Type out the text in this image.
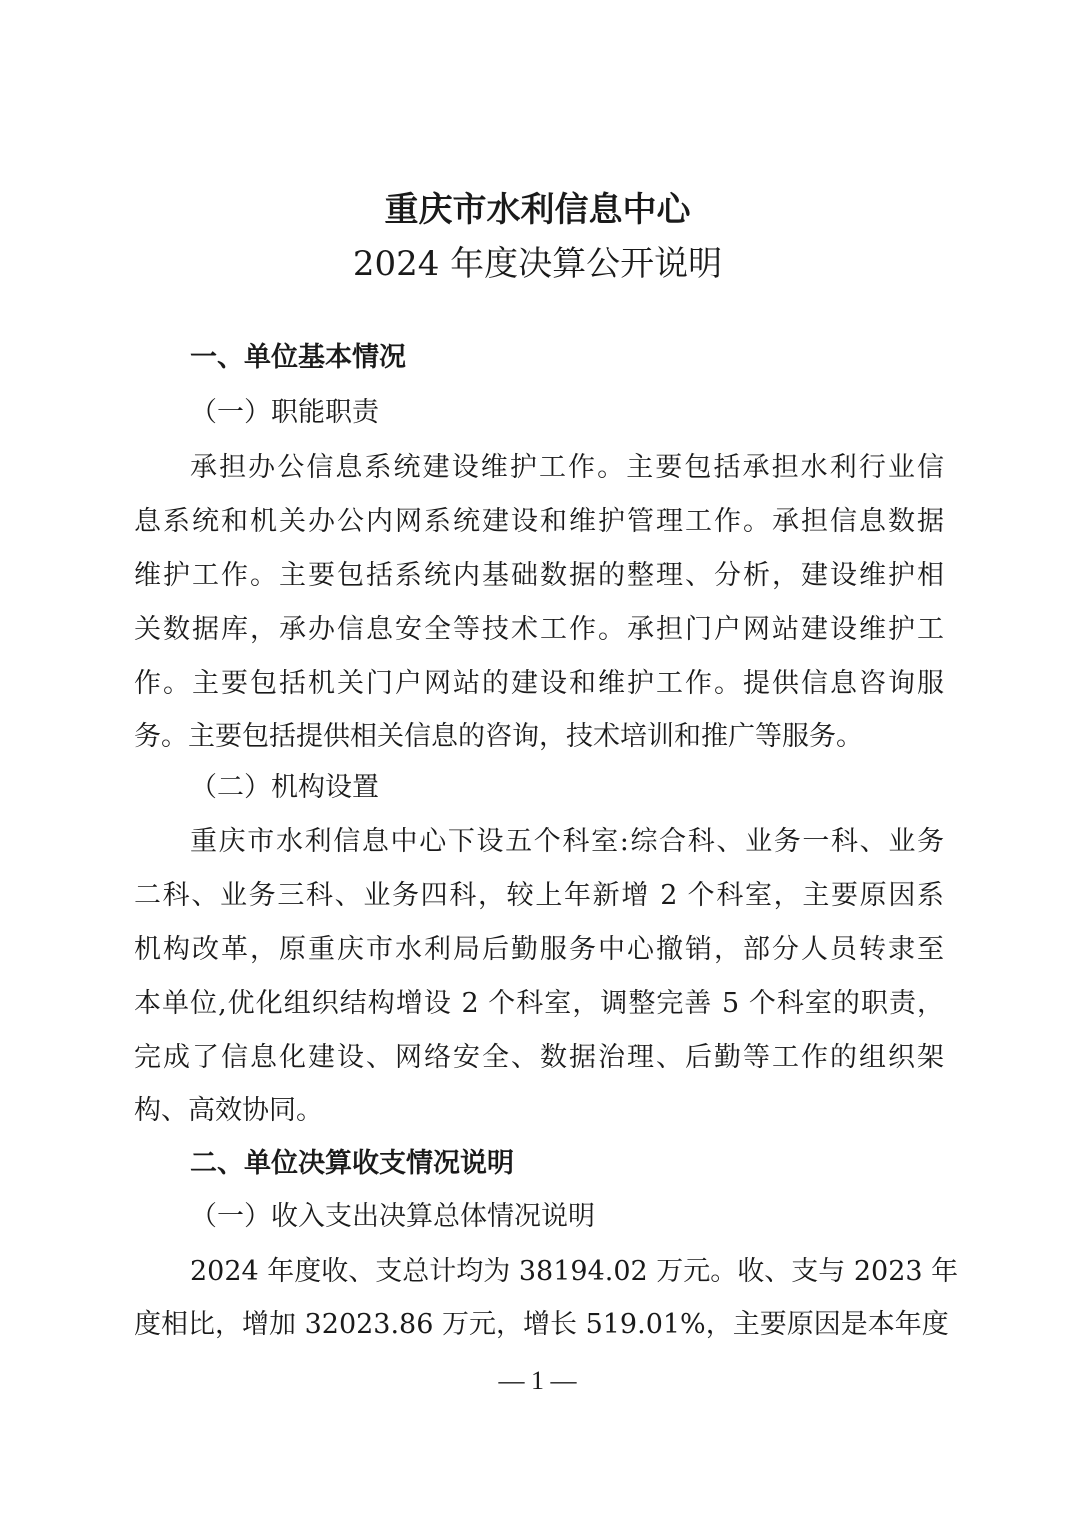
重庆市水利信息中心
2024 年度决算公开说明
一、单位基本情况
（一）职能职责
承担办公信息系统建设维护工作。主要包括承担水利行业信
息系统和机关办公内网系统建设和维护管理工作。承担信息数据
维护工作。主要包括系统内基础数据的整理、分析，建设维护相
关数据库，承办信息安全等技术工作。承担门户网站建设维护工
作。主要包括机关门户网站的建设和维护工作。提供信息咨询服
务。主要包括提供相关信息的咨询，技术培训和推广等服务。
（二）机构设置
重庆市水利信息中心下设五个科室:综合科、业务一科、业务
二科、业务三科、业务四科，较上年新增 2 个科室，主要原因系
机构改革，原重庆市水利局后勤服务中心撤销，部分人员转隶至
本单位,优化组织结构增设 2 个科室，调整完善 5 个科室的职责，
完成了信息化建设、网络安全、数据治理、后勤等工作的组织架
构、高效协同。
二、单位决算收支情况说明
（一）收入支出决算总体情况说明
2024 年度收、支总计均为 38194.02 万元。收、支与 2023 年
度相比，增加 32023.86 万元，增长 519.01%，主要原因是本年度
— 1 —
